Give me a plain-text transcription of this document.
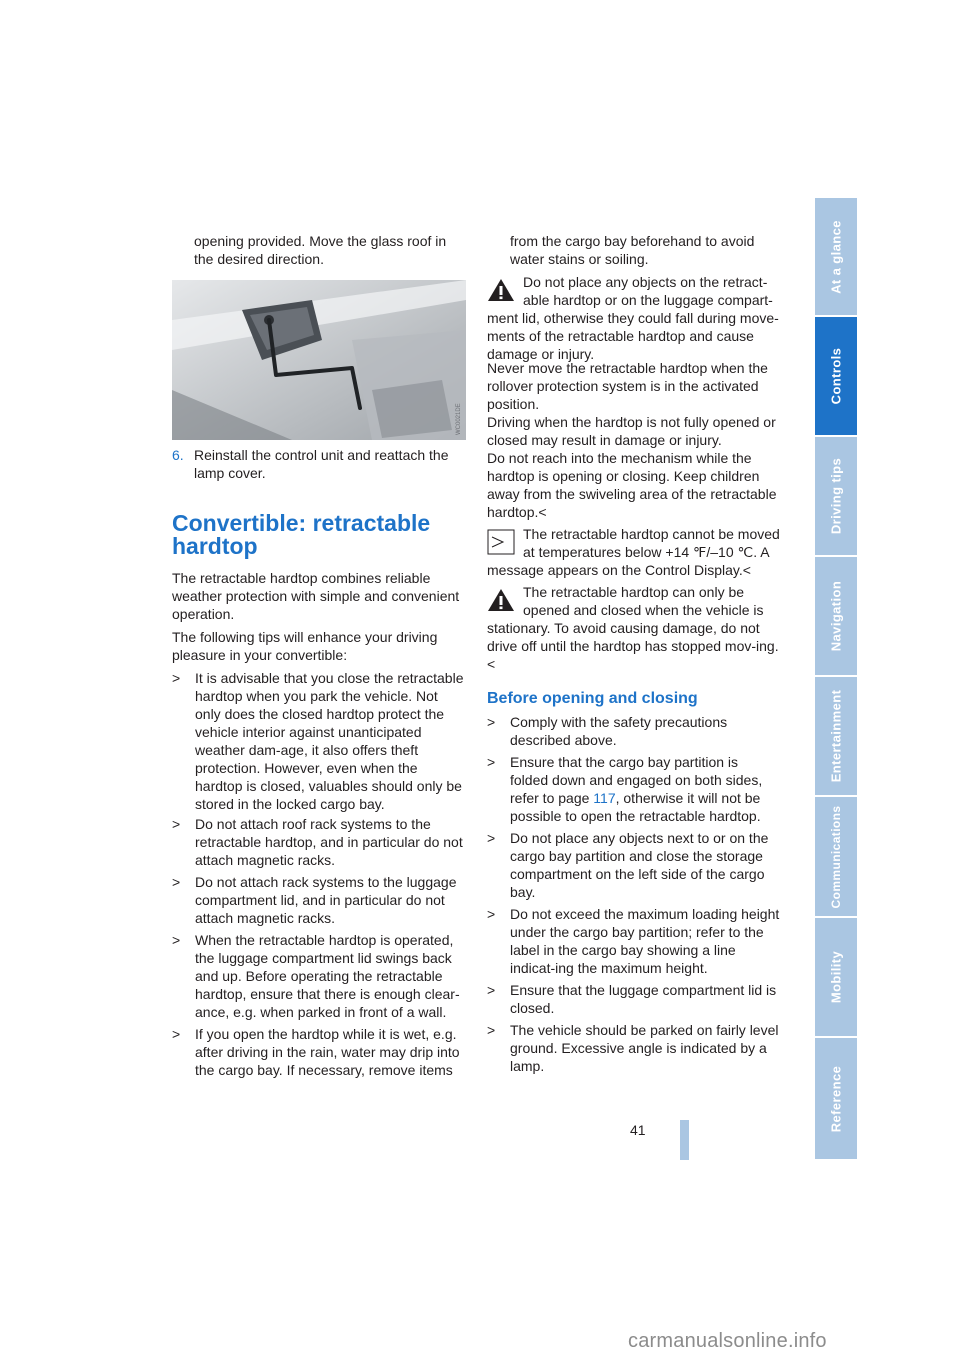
opening provided. Move the glass roof in the desired direction.
WC0021DE
6. Reinstall the control unit and reattach the lamp cover.
Convertible: retractable
hardtop
The retractable hardtop combines reliable weather protection with simple and convenient operation.
The following tips will enhance your driving pleasure in your convertible:
> It is advisable that you close the retractable hardtop when you park the vehicle. Not only does the closed hardtop protect the vehicle interior against unanticipated weather dam-age, it also offers theft protection. However, even when the hardtop is closed, valuables should only be stored in the locked cargo bay.
> Do not attach roof rack systems to the retractable hardtop, and in particular do not attach magnetic racks.
> Do not attach rack systems to the luggage compartment lid, and in particular do not attach magnetic racks.
> When the retractable hardtop is operated, the luggage compartment lid swings back and up. Before operating the retractable hardtop, ensure that there is enough clear-ance, e.g. when parked in front of a wall.
> If you open the hardtop while it is wet, e.g. after driving in the rain, water may drip into the cargo bay. If necessary, remove items
from the cargo bay beforehand to avoid water stains or soiling.
Do not place any objects on the retract-able hardtop or on the luggage compart-
ment lid, otherwise they could fall during move-ments of the retractable hardtop and cause damage or injury.
Never move the retractable hardtop when the rollover protection system is in the activated position.
Driving when the hardtop is not fully opened or closed may result in damage or injury.
Do not reach into the mechanism while the hardtop is opening or closing. Keep children away from the swiveling area of the retractable hardtop.<
The retractable hardtop cannot be moved at temperatures below +14 ℉/–10 ℃. A
message appears on the Control Display.<
The retractable hardtop can only be opened and closed when the vehicle is
stationary. To avoid causing damage, do not drive off until the hardtop has stopped mov-ing.<
Before opening and closing
> Comply with the safety precautions described above.
> Ensure that the cargo bay partition is folded down and engaged on both sides, refer to page 117, otherwise it will not be possible to open the retractable hardtop.
> Do not place any objects next to or on the cargo bay partition and close the storage compartment on the left side of the cargo bay.
> Do not exceed the maximum loading height under the cargo bay partition; refer to the label in the cargo bay showing a line indicat-ing the maximum height.
> Ensure that the luggage compartment lid is closed.
> The vehicle should be parked on fairly level ground. Excessive angle is indicated by a lamp.
41
At a glance
Controls
Driving tips
Navigation
Entertainment
Communications
Mobility
Reference
carmanualsonline.info
